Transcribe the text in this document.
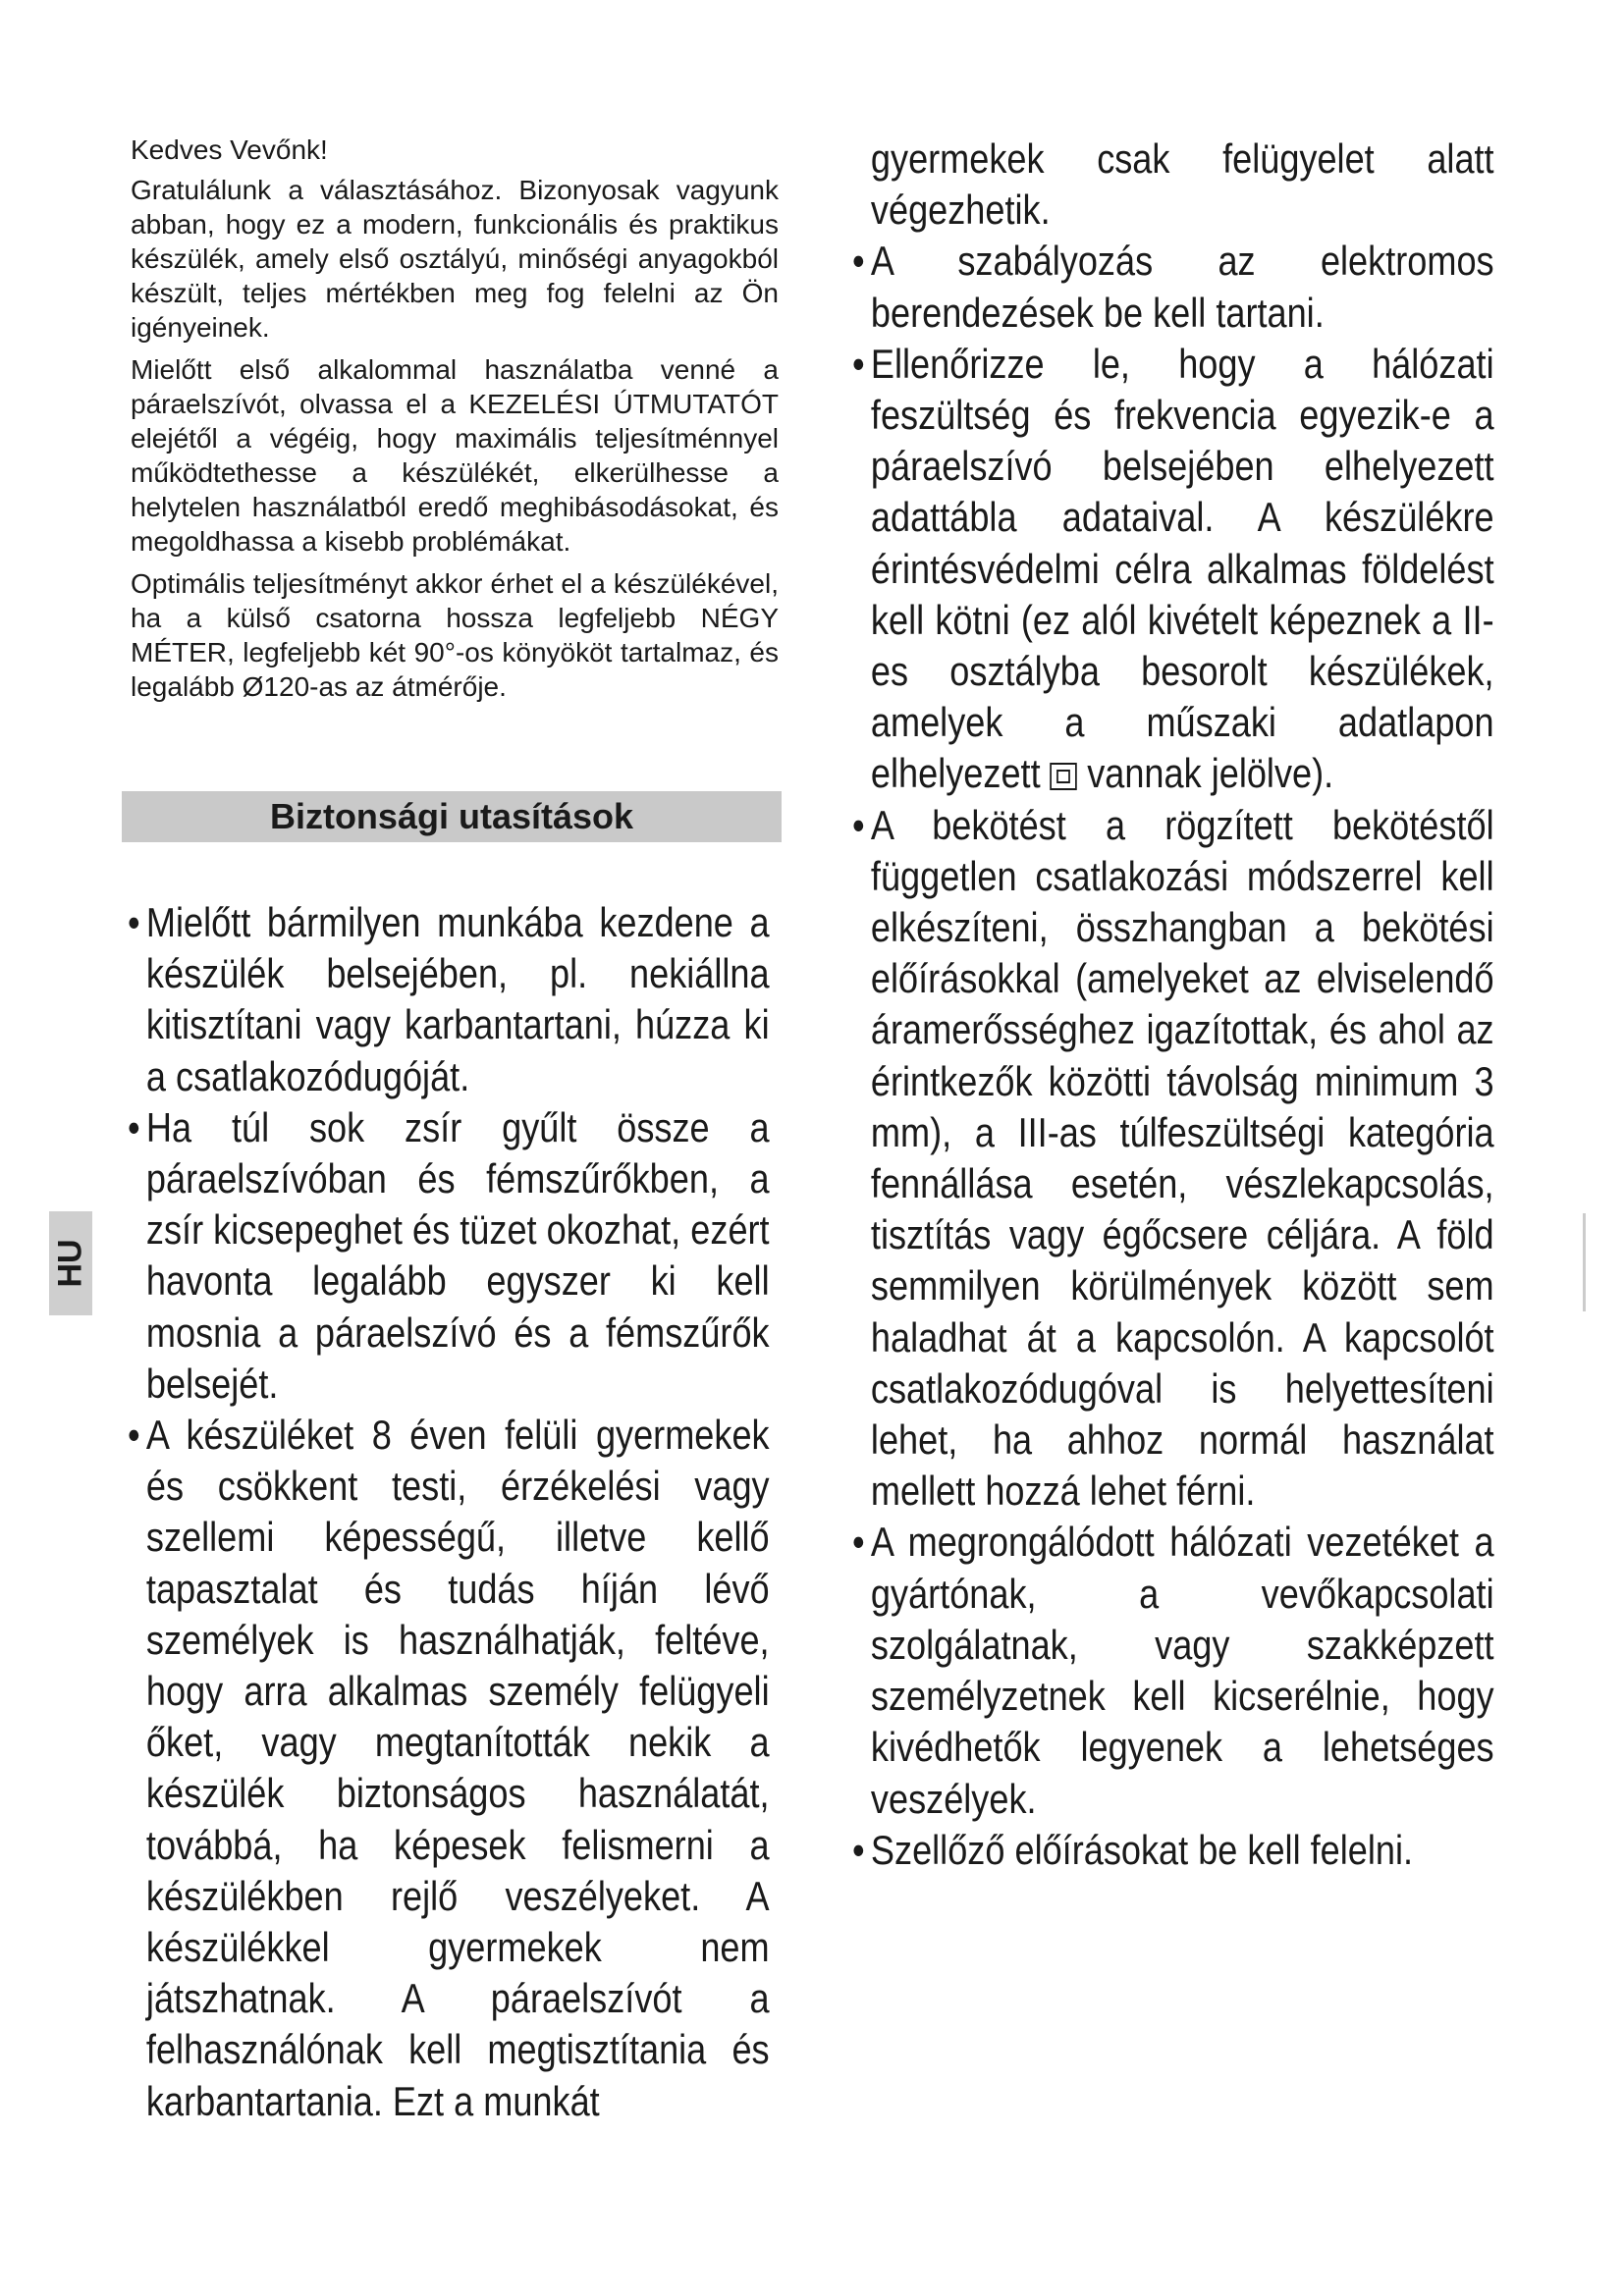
Kedves Vevőnk!

Gratulálunk a választásához. Bizonyosak vagyunk abban, hogy ez a modern, funkcionális és praktikus készülék, amely első osztályú, minőségi anyagokból készült, teljes mértékben meg fog felelni az Ön igényeinek.

Mielőtt első alkalommal használatba venné a páraelszívót, olvassa el a KEZELÉSI ÚTMUTATÓT elejétől a végéig, hogy maximális teljesítménnyel működtethesse a készülékét, elkerülhesse a helytelen használatból eredő meghibásodásokat, és megoldhassa a kisebb problémákat.

Optimális teljesítményt akkor érhet el a készülékével, ha a külső csatorna hossza legfeljebb NÉGY MÉTER, legfeljebb két 90°-os könyököt tartalmaz, és legalább Ø120-as az átmérője.

Biztonsági utasítások

• Mielőtt bármilyen munkába kezdene a készülék belsejében, pl. nekiállna kitisztítani vagy karbantartani, húzza ki a csatlakozódugóját.

• Ha túl sok zsír gyűlt össze a páraelszívóban és fémszűrőkben, a zsír kicsepeghet és tüzet okozhat, ezért havonta legalább egyszer ki kell mosnia a páraelszívó és a fémszűrők belsejét.

• A készüléket 8 éven felüli gyermekek és csökkent testi, érzékelési vagy szellemi képességű, illetve kellő tapasztalat és tudás híján lévő személyek is használhatják, feltéve, hogy arra alkalmas személy felügyeli őket, vagy megtanították nekik a készülék biztonságos használatát, továbbá, ha képesek felismerni a készülékben rejlő veszélyeket. A készülékkel gyermekek nem játszhatnak. A páraelszívót a felhasználónak kell megtisztítania és karbantartania. Ezt a munkát

gyermekek csak felügyelet alatt végezhetik.

• A szabályozás az elektromos berendezések be kell tartani.

• Ellenőrizze le, hogy a hálózati feszültség és frekvencia egyezik-e a páraelszívó belsejében elhelyezett adattábla adataival. A készülékre érintésvédelmi célra alkalmas földelést kell kötni (ez alól kivételt képeznek a II-es osztályba besorolt készülékek, amelyek a műszaki adatlapon elhelyezett vannak jelölve).

• A bekötést a rögzített bekötéstől független csatlakozási módszerrel kell elkészíteni, összhangban a bekötési előírásokkal (amelyeket az elviselendő áramerősséghez igazítottak, és ahol az érintkezők közötti távolság minimum 3 mm), a III-as túlfeszültségi kategória fennállása esetén, vészlekapcsolás, tisztítás vagy égőcsere céljára. A föld semmilyen körülmények között sem haladhat át a kapcsolón. A kapcsolót csatlakozódugóval is helyettesíteni lehet, ha ahhoz normál használat mellett hozzá lehet férni.

• A megrongálódott hálózati vezetéket a gyártónak, a vevőkapcsolati szolgálatnak, vagy szakképzett személyzetnek kell kicserélnie, hogy kivédhetők legyenek a lehetséges veszélyek.

• Szellőző előírásokat be kell felelni.

HU
